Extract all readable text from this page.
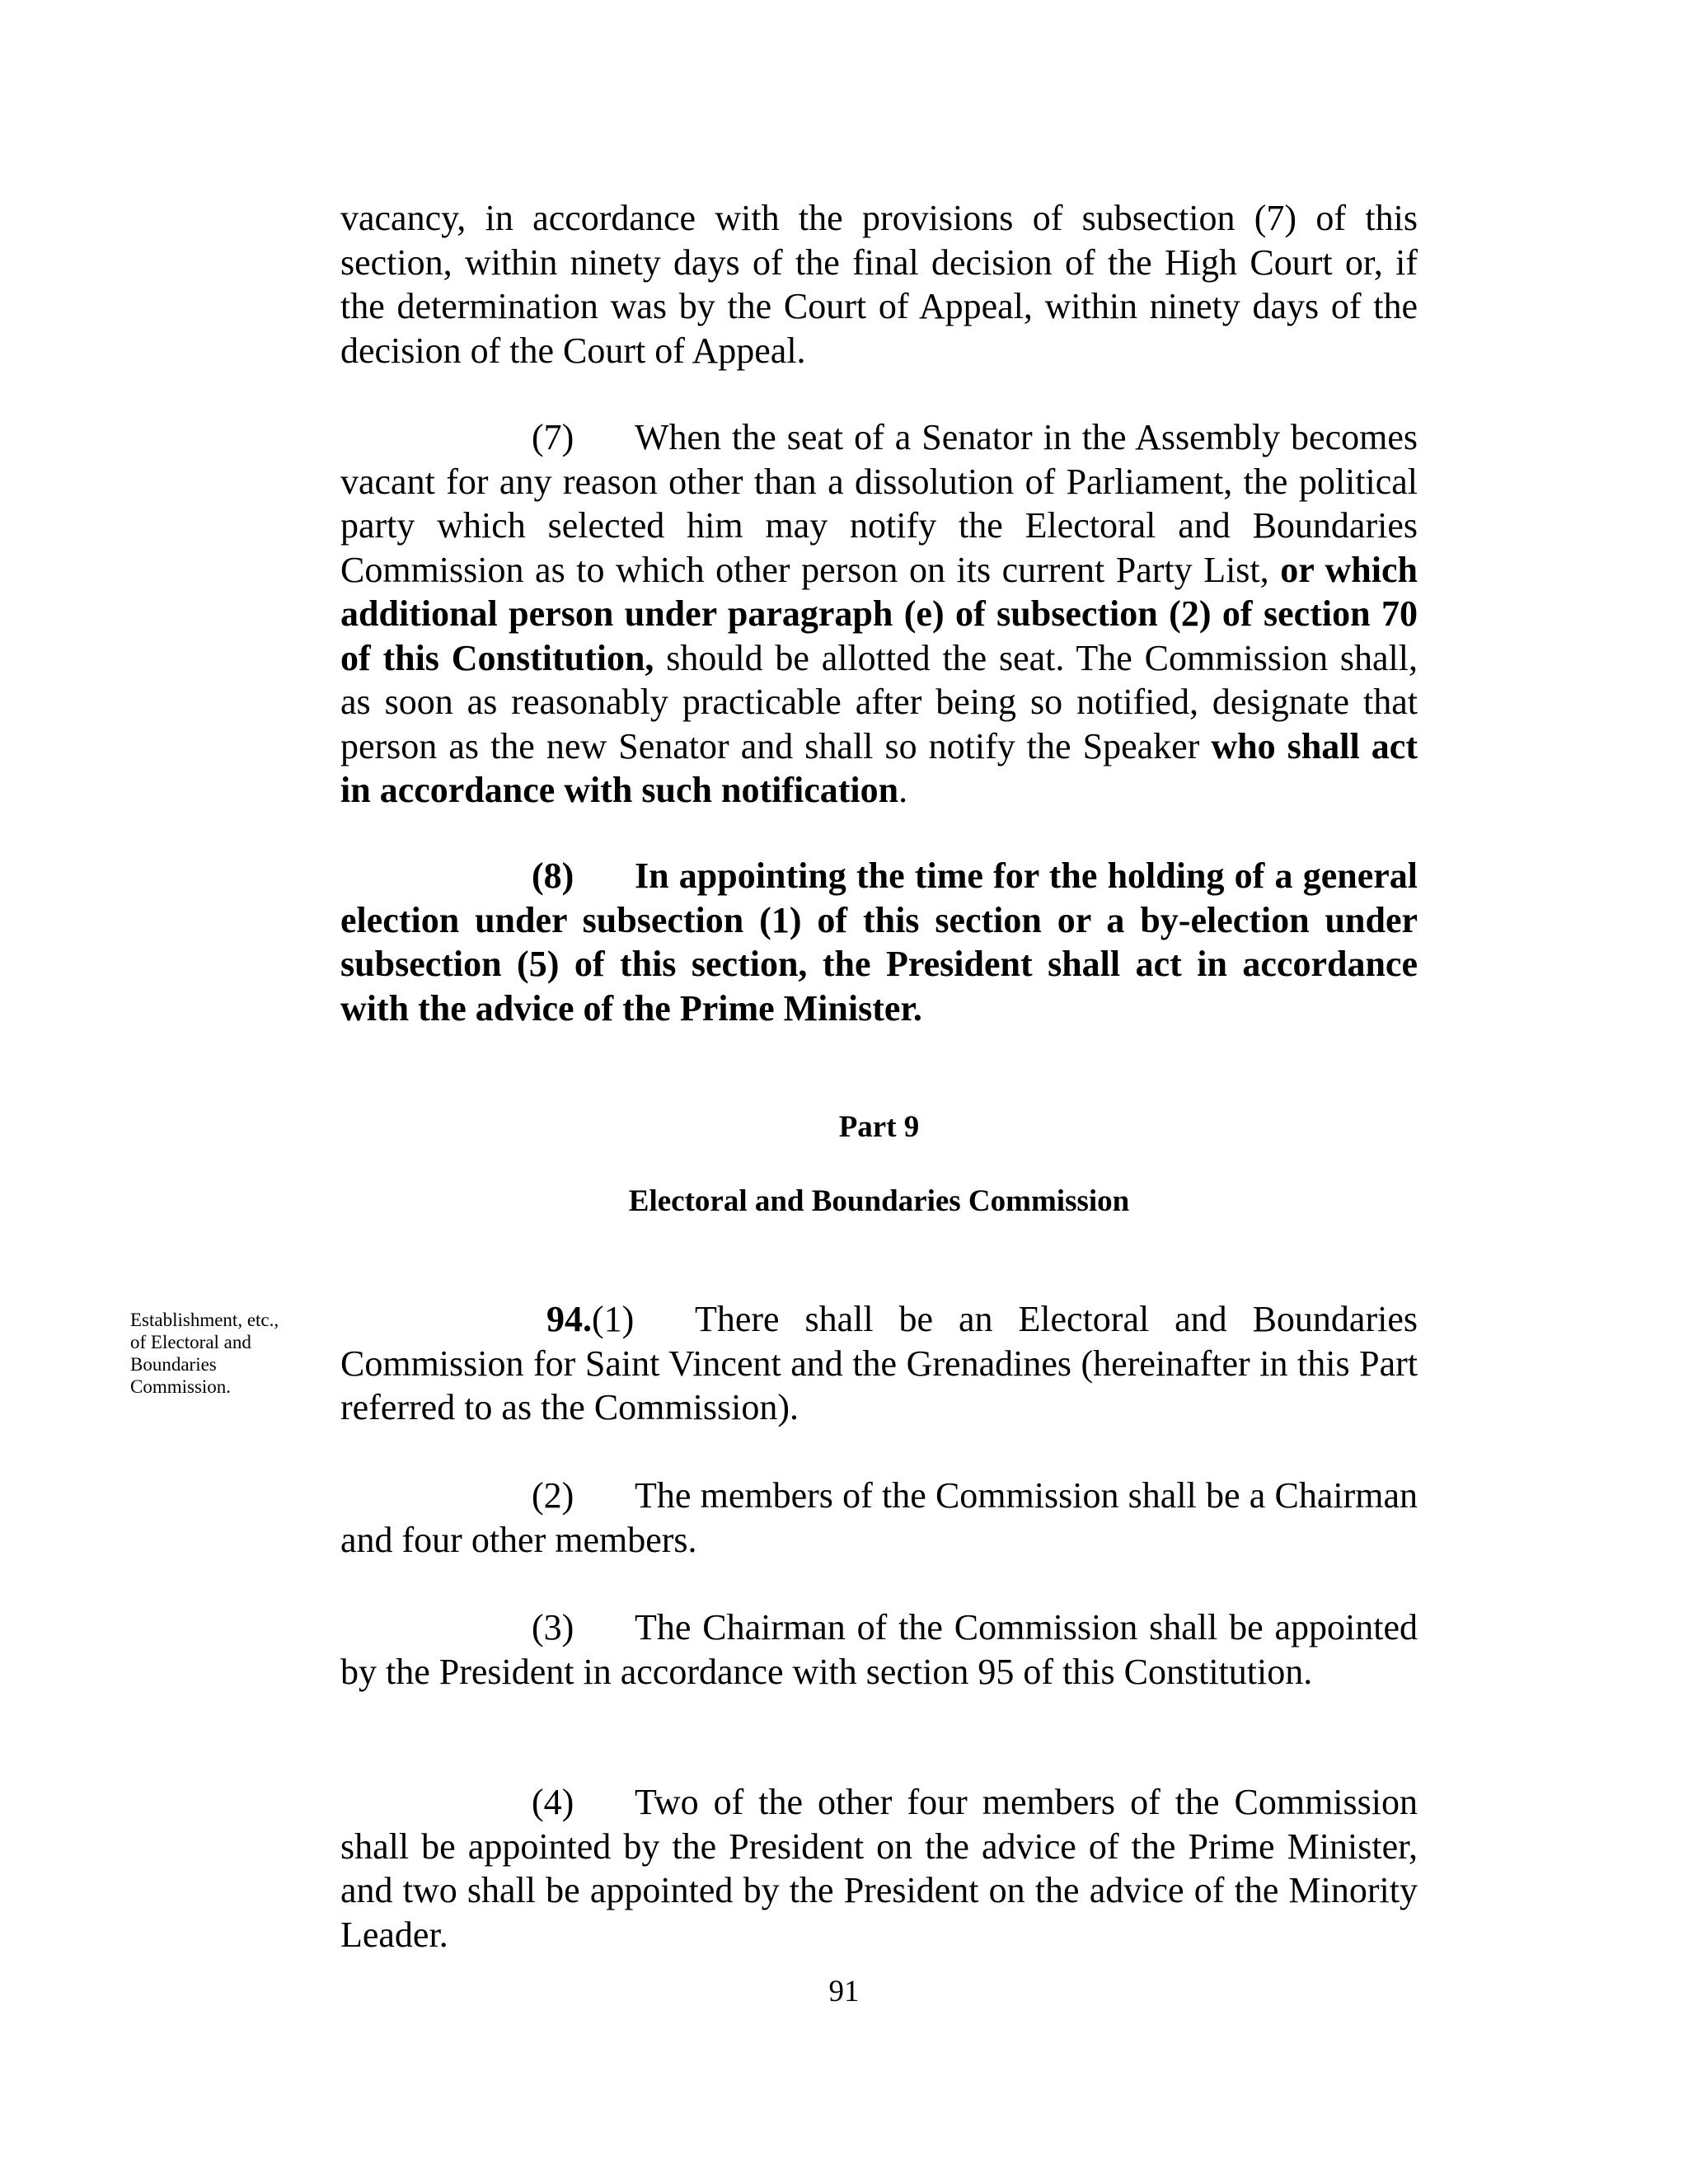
vacancy, in accordance with the provisions of subsection (7) of this section, within ninety days of the final decision of the High Court or, if the determination was by the Court of Appeal, within ninety days of the decision of the Court of Appeal.

(7) When the seat of a Senator in the Assembly becomes vacant for any reason other than a dissolution of Parliament, the political party which selected him may notify the Electoral and Boundaries Commission as to which other person on its current Party List, or which additional person under paragraph (e) of subsection (2) of section 70 of this Constitution, should be allotted the seat. The Commission shall, as soon as reasonably practicable after being so notified, designate that person as the new Senator and shall so notify the Speaker who shall act in accordance with such notification.

(8) In appointing the time for the holding of a general election under subsection (1) of this section or a by-election under subsection (5) of this section, the President shall act in accordance with the advice of the Prime Minister.

Part 9
Electoral and Boundaries Commission
Establishment, etc., of Electoral and Boundaries Commission.

94.(1) There shall be an Electoral and Boundaries Commission for Saint Vincent and the Grenadines (hereinafter in this Part referred to as the Commission).

(2) The members of the Commission shall be a Chairman and four other members.

(3) The Chairman of the Commission shall be appointed by the President in accordance with section 95 of this Constitution.

(4) Two of the other four members of the Commission shall be appointed by the President on the advice of the Prime Minister, and two shall be appointed by the President on the advice of the Minority Leader.

91
